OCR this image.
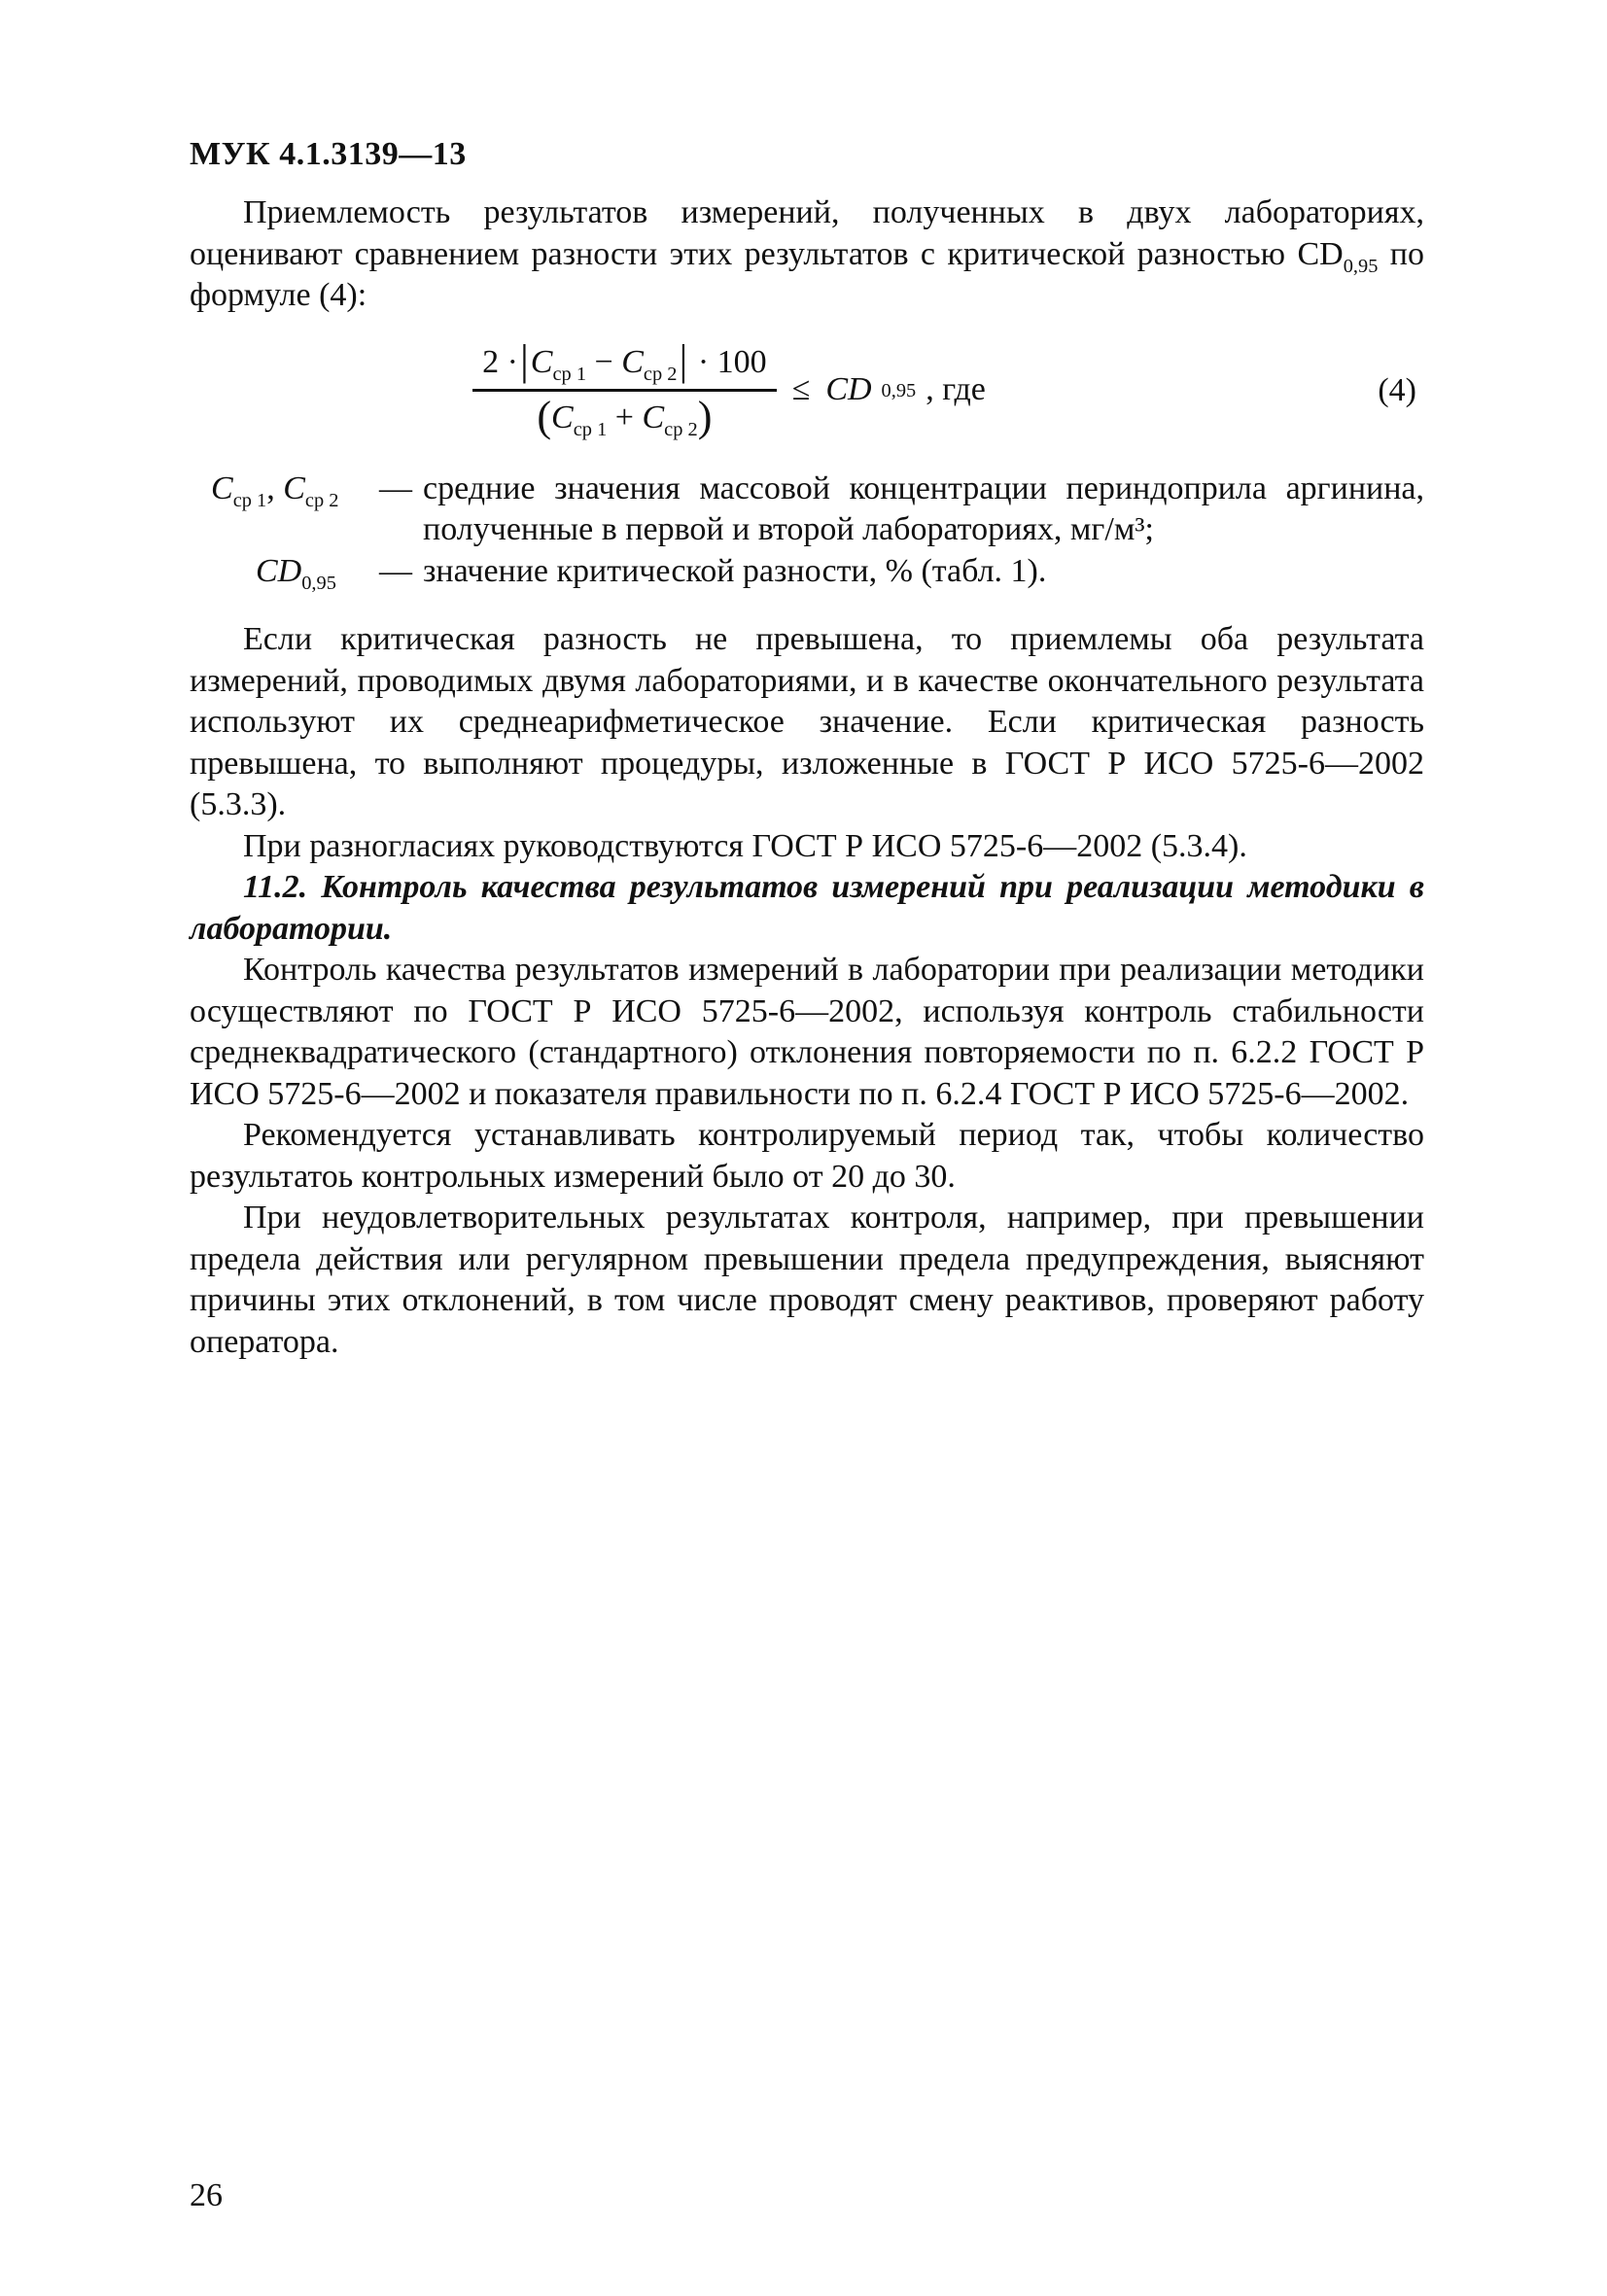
МУК 4.1.3139—13

Приемлемость результатов измерений, полученных в двух лабораториях, оценивают сравнением разности этих результатов с критической разностью $CD_{0,95}$ по формуле (4):

$\frac{2 \cdot|C_{ср 1} - C_{ср 2}| \cdot 100}{(C_{ср 1} + C_{ср 2})}$ ≤ CD 0,95 , где	(4)
$C_{ср 1}$, $C_{ср 2}$	— средние значения массовой концентрации периндоприла аргинина, полученные в первой и второй лабораториях, мг/м³;
$CD_{0,95}$	— значение критической разности, % (табл. 1).

Если критическая разность не превышена, то приемлемы оба результата измерений, проводимых двумя лабораториями, и в качестве окончательного результата используют их среднеарифметическое значение. Если критическая разность превышена, то выполняют процедуры, изложенные в ГОСТ Р ИСО 5725-6—2002 (5.3.3).

При разногласиях руководствуются ГОСТ Р ИСО 5725-6—2002 (5.3.4).

11.2. Контроль качества результатов измерений при реализации методики в лаборатории.

Контроль качества результатов измерений в лаборатории при реализации методики осуществляют по ГОСТ Р ИСО 5725-6—2002, используя контроль стабильности среднеквадратического (стандартного) отклонения повторяемости по п. 6.2.2 ГОСТ Р ИСО 5725-6—2002 и показателя правильности по п. 6.2.4 ГОСТ Р ИСО 5725-6—2002.

Рекомендуется устанавливать контролируемый период так, чтобы количество результатоь контрольных измерений было от 20 до 30.

При неудовлетворительных результатах контроля, например, при превышении предела действия или регулярном превышении предела предупреждения, выясняют причины этих отклонений, в том числе проводят смену реактивов, проверяют работу оператора.

26
